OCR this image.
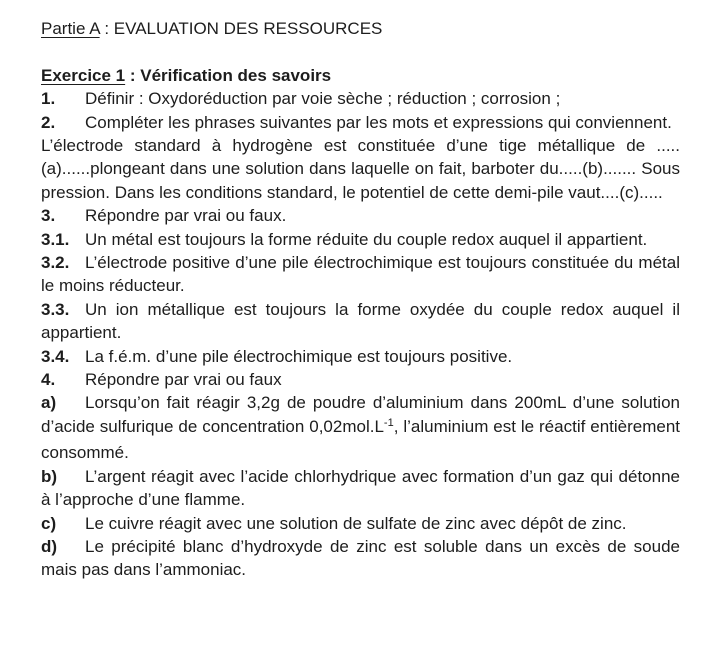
Partie A : EVALUATION DES RESSOURCES

Exercice 1 : Vérification des savoirs

1. Définir : Oxydoréduction par voie sèche ; réduction ; corrosion ;

2. Compléter les phrases suivantes par les mots et expressions qui conviennent.

L’électrode standard à hydrogène est constituée d’une tige métallique de .....(a)......plongeant dans une solution dans laquelle on fait, barboter du.....(b)....... Sous pression. Dans les conditions standard, le potentiel de cette demi-pile vaut....(c).....

3. Répondre par vrai ou faux.

3.1. Un métal est toujours la forme réduite du couple redox auquel il appartient.

3.2. L’électrode positive d’une pile électrochimique est toujours constituée du métal le moins réducteur.

3.3. Un ion métallique est toujours la forme oxydée du couple redox auquel il appartient.

3.4. La f.é.m. d’une pile électrochimique est toujours positive.

4. Répondre par vrai ou faux

a) Lorsqu’on fait réagir 3,2g de poudre d’aluminium dans 200mL d’une solution d’acide sulfurique de concentration $0,02mol.L^{-1}$, l’aluminium est le réactif entièrement consommé.

b) L’argent réagit avec l’acide chlorhydrique avec formation d’un gaz qui détonne à l’approche d’une flamme.

c) Le cuivre réagit avec une solution de sulfate de zinc avec dépôt de zinc.

d) Le précipité blanc d’hydroxyde de zinc est soluble dans un excès de soude mais pas dans l’ammoniac.
